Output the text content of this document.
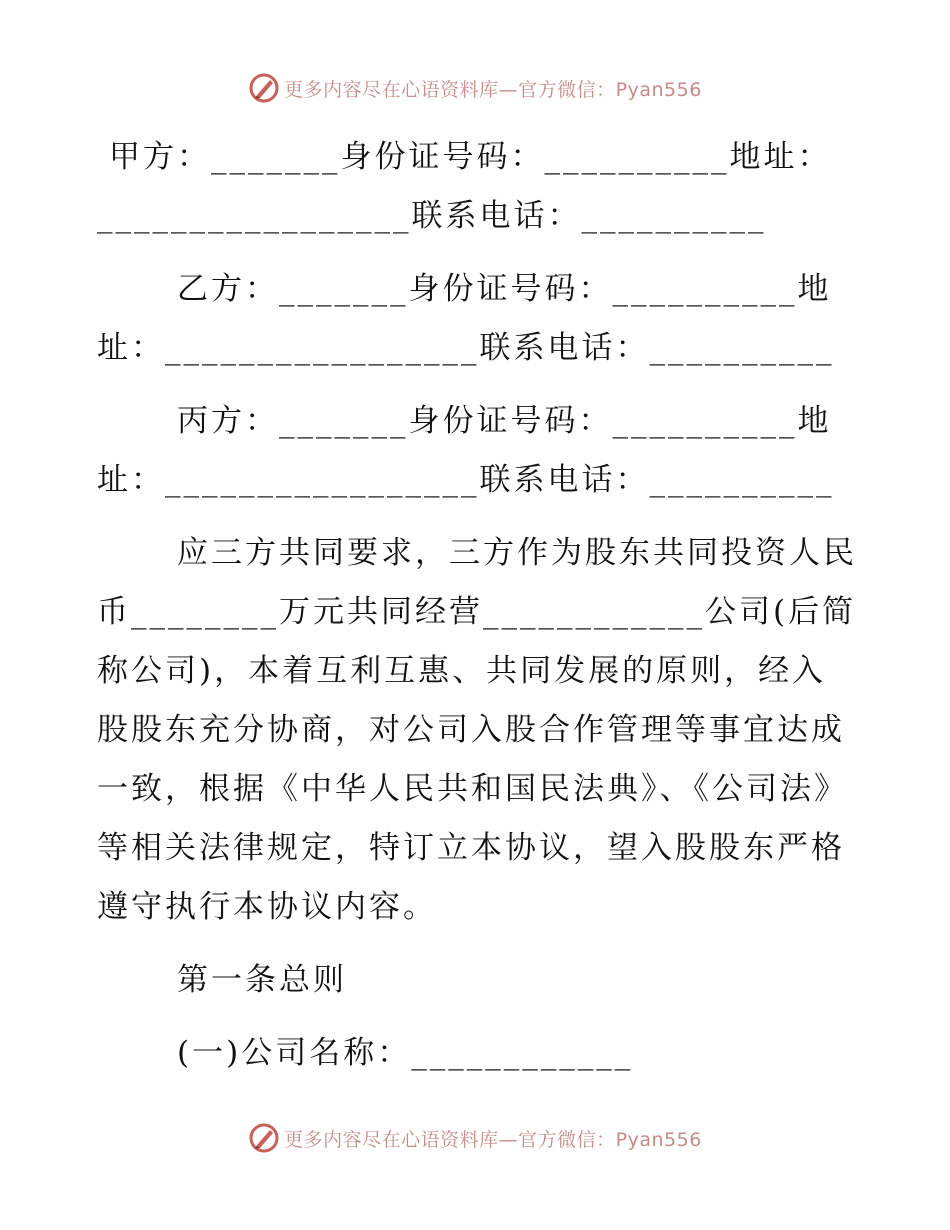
更多内容尽在心语资料库—官方微信：Pyan556

甲方：_______身份证号码：__________地址：_________________联系电话：__________

乙方：_______身份证号码：__________地址：_________________联系电话：__________

丙方：_______身份证号码：__________地址：_________________联系电话：__________

应三方共同要求，三方作为股东共同投资人民币________万元共同经营____________公司(后简称公司)，本着互利互惠、共同发展的原则，经入股股东充分协商，对公司入股合作管理等事宜达成一致，根据《中华人民共和国民法典》、《公司法》等相关法律规定，特订立本协议，望入股股东严格遵守执行本协议内容。

第一条总则

(一)公司名称：____________

更多内容尽在心语资料库—官方微信：Pyan556
